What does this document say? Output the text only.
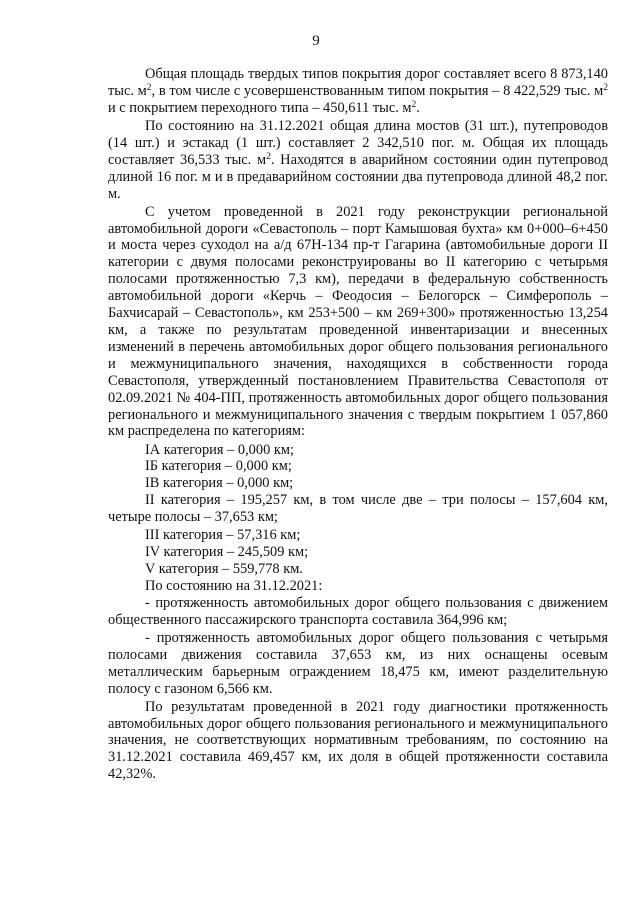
9

Общая площадь твердых типов покрытия дорог составляет всего 8 873,140 тыс. $м^2$, в том числе с усовершенствованным типом покрытия – 8 422,529 тыс. $м^2$ и с покрытием переходного типа – 450,611 тыс. $м^2$.

По состоянию на 31.12.2021 общая длина мостов (31 шт.), путепроводов (14 шт.) и эстакад (1 шт.) составляет 2 342,510 пог. м. Общая их площадь составляет 36,533 тыс. $м^2$. Находятся в аварийном состоянии один путепровод длиной 16 пог. м и в предаварийном состоянии два путепровода длиной 48,2 пог. м.

С учетом проведенной в 2021 году реконструкции региональной автомобильной дороги «Севастополь – порт Камышовая бухта» км 0+000–6+450 и моста через суходол на а/д 67Н-134 пр-т Гагарина (автомобильные дороги II категории с двумя полосами реконструированы во II категорию с четырьмя полосами протяженностью 7,3 км), передачи в федеральную собственность автомобильной дороги «Керчь – Феодосия – Белогорск – Симферополь – Бахчисарай – Севастополь», км 253+500 – км 269+300» протяженностью 13,254 км, а также по результатам проведенной инвентаризации и внесенных изменений в перечень автомобильных дорог общего пользования регионального и межмуниципального значения, находящихся в собственности города Севастополя, утвержденный постановлением Правительства Севастополя от 02.09.2021 № 404-ПП, протяженность автомобильных дорог общего пользования регионального и межмуниципального значения с твердым покрытием 1 057,860 км распределена по категориям:

IА категория – 0,000 км;

IБ категория – 0,000 км;

IВ категория – 0,000 км;

II категория – 195,257 км, в том числе две – три полосы – 157,604 км, четыре полосы – 37,653 км;

III категория – 57,316 км;

IV категория – 245,509 км;

V категория – 559,778 км.

По состоянию на 31.12.2021:

- протяженность автомобильных дорог общего пользования с движением общественного пассажирского транспорта составила 364,996 км;

- протяженность автомобильных дорог общего пользования с четырьмя полосами движения составила 37,653 км, из них оснащены осевым металлическим барьерным ограждением 18,475 км, имеют разделительную полосу с газоном 6,566 км.

По результатам проведенной в 2021 году диагностики протяженность автомобильных дорог общего пользования регионального и межмуниципального значения, не соответствующих нормативным требованиям, по состоянию на 31.12.2021 составила 469,457 км, их доля в общей протяженности составила 42,32%.
